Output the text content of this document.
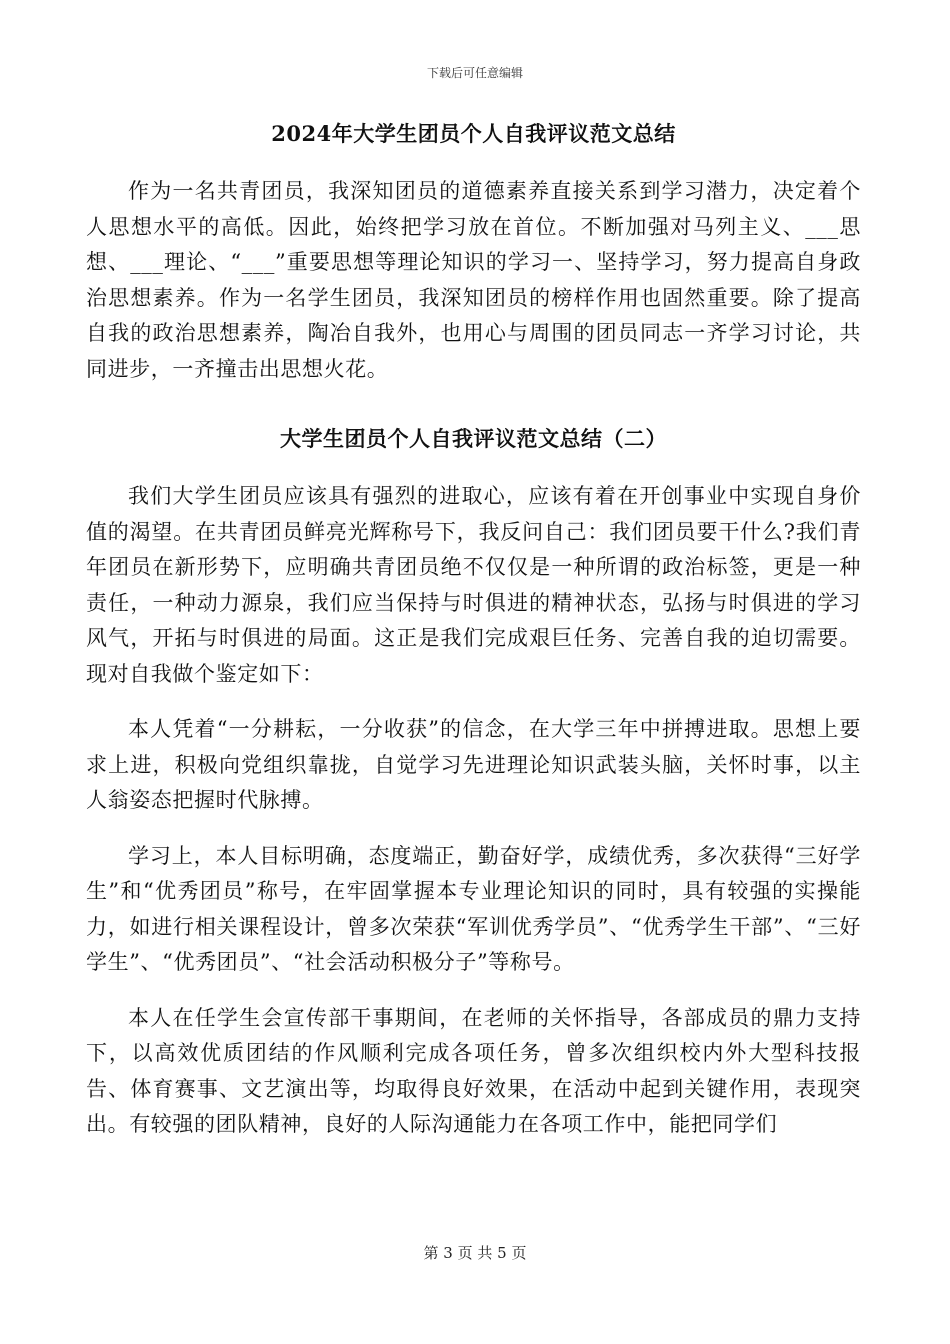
下载后可任意编辑
2024年大学生团员个人自我评议范文总结

作为一名共青团员，我深知团员的道德素养直接关系到学习潜力，决定着个人思想水平的高低。因此，始终把学习放在首位。不断加强对马列主义、___思想、___理论、“___”重要思想等理论知识的学习一、坚持学习，努力提高自身政治思想素养。作为一名学生团员，我深知团员的榜样作用也固然重要。除了提高自我的政治思想素养，陶冶自我外，也用心与周围的团员同志一齐学习讨论，共同进步，一齐撞击出思想火花。

大学生团员个人自我评议范文总结（二）

我们大学生团员应该具有强烈的进取心，应该有着在开创事业中实现自身价值的渴望。在共青团员鲜亮光辉称号下，我反问自己：我们团员要干什么?我们青年团员在新形势下，应明确共青团员绝不仅仅是一种所谓的政治标签，更是一种责任，一种动力源泉，我们应当保持与时俱进的精神状态，弘扬与时俱进的学习风气，开拓与时俱进的局面。这正是我们完成艰巨任务、完善自我的迫切需要。现对自我做个鉴定如下：

本人凭着“一分耕耘，一分收获”的信念，在大学三年中拼搏进取。思想上要求上进，积极向党组织靠拢，自觉学习先进理论知识武装头脑，关怀时事，以主人翁姿态把握时代脉搏。

学习上，本人目标明确，态度端正，勤奋好学，成绩优秀，多次获得“三好学生”和“优秀团员”称号，在牢固掌握本专业理论知识的同时，具有较强的实操能力，如进行相关课程设计，曾多次荣获“军训优秀学员”、“优秀学生干部”、“三好学生”、“优秀团员”、“社会活动积极分子”等称号。

本人在任学生会宣传部干事期间，在老师的关怀指导，各部成员的鼎力支持下，以高效优质团结的作风顺利完成各项任务，曾多次组织校内外大型科技报告、体育赛事、文艺演出等，均取得良好效果，在活动中起到关键作用，表现突出。有较强的团队精神，良好的人际沟通能力在各项工作中，能把同学们

第 3 页 共 5 页
